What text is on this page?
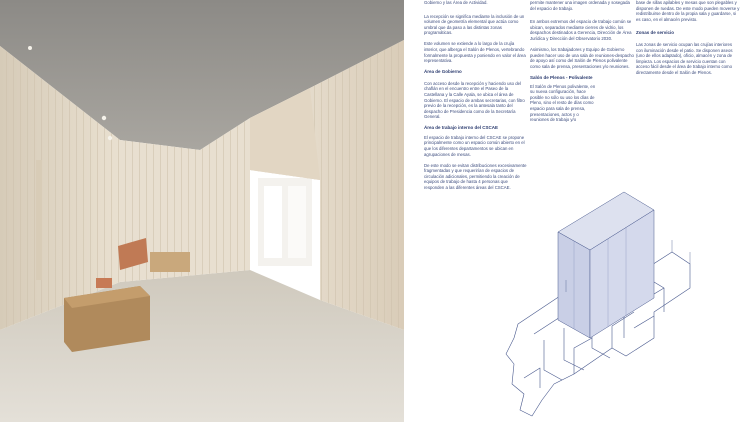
Gobierno y las Área de Actividad.

La recepción se significa mediante la inclusión de un volumen de geometría elemental que actúa como umbral que da paso a las distintas zonas programáticas.

Este volumen se extiende a lo largo de la crujía interior, que alberga el Salón de Plenos, vertebrando formalmente la propuesta y poniendo en valor el área representativa.

Área de Gobierno

Con acceso desde la recepción y haciendo uso del chaflán en el encuentro entre el Paseo de la Castellana y la Calle Ayala, se ubica el área de Gobierno. El espacio de ambas secretarias, con filtro previo de la recepción, es la antesala tanto del despacho de Presidencia como de la Secretaría General.

Área de trabajo interno del CSCAE

El espacio de trabajo interno del CSCAE se propone principalmente como un espacio común abierto en el que los diferentes departamentos se ubican en agrupaciones de mesas.

De este modo se evitan distribuciones excesivamente fragmentadas y que requerirían de espacios de circulación adicionales, permitiendo la creación de equipos de trabajo de hasta 4 personas que responden a las diferentes áreas del CSCAE.

permite mantener una imagen ordenada y sosegada del espacio de trabajo.

En ambos extremos del espacio de trabajo común se ubican, separados mediante cierres de vidrio, los despachos destinados a Gerencia, Dirección de Área Jurídica y Dirección del Observatorio 2030.

Asimismo, los trabajadores y Equipo de Gobierno pueden hacer uso de una sala de reuniones-despacho de apoyo así como del Salón de Plenos polivalente como sala de prensa, presentaciones y/o reuniones.

Salón de Plenos - Polivalente

El Salón de Plenos polivalente, en su nueva configuración, hace posible no sólo su uso los días de Pleno, sino el resto de días como espacio para sala de prensa, presentaciones, actos y o reuniones de trabajo y/o

base de sillas apilables y mesas que son plegables y disponen de ruedas. De este modo pueden moverse y redistribuirse dentro de la propia sala y guardarse, si es caso, en el almacén previsto.

Zonas de servicio

Las zonas de servicio ocupan las crujías interiores con iluminación desde el patio. Se disponen aseos (uno de ellos adaptado), oficio, almacén y zona de limpieza. Los espacios de servicio cuentan con acceso fácil desde el área de trabajo interno como directamente desde el Salón de Plenos.
